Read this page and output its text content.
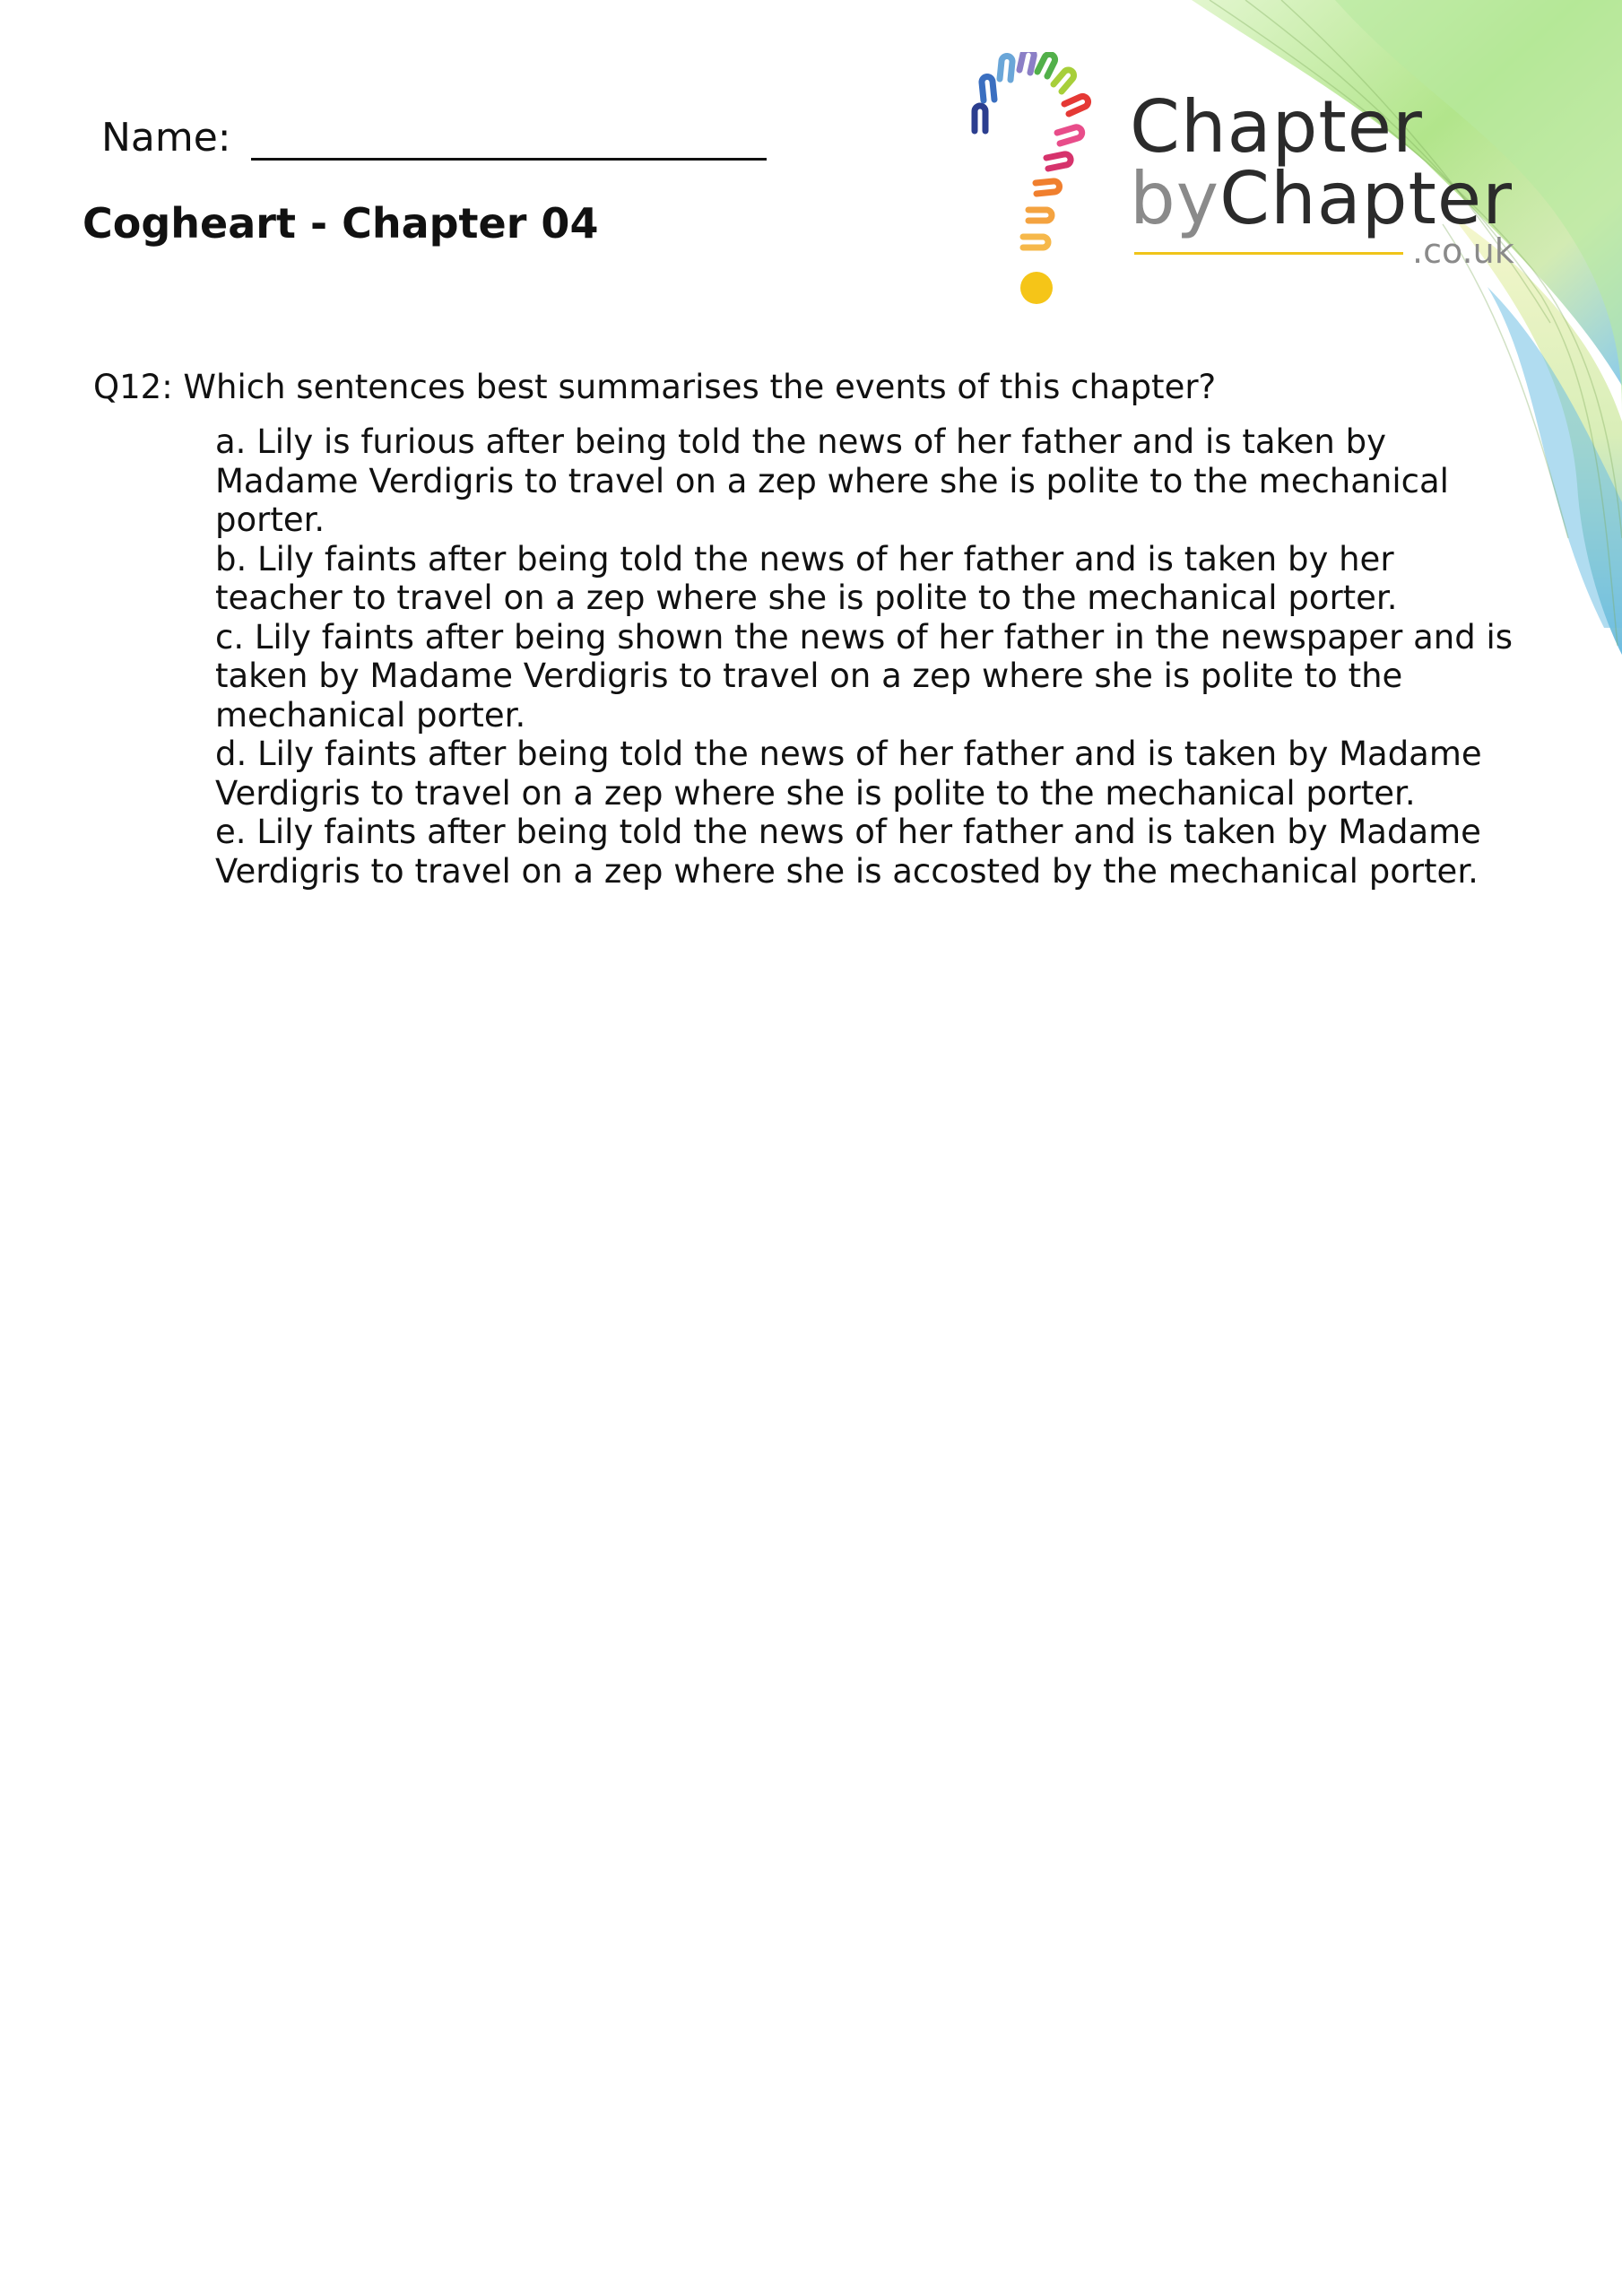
Name:
Cogheart - Chapter 04
Chapter
byChapter
.co.uk

Q12: Which sentences best summarises the events of this chapter?

a. Lily is furious after being told the news of her father and is taken by Madame Verdigris to travel on a zep where she is polite to the mechanical porter.
b. Lily faints after being told the news of her father and is taken by her teacher to travel on a zep where she is polite to the mechanical porter.
c. Lily faints after being shown the news of her father in the newspaper and is taken by Madame Verdigris to travel on a zep where she is polite to the mechanical porter.
d. Lily faints after being told the news of her father and is taken by Madame Verdigris to travel on a zep where she is polite to the mechanical porter.
e. Lily faints after being told the news of her father and is taken by Madame Verdigris to travel on a zep where she is accosted by the mechanical porter.
